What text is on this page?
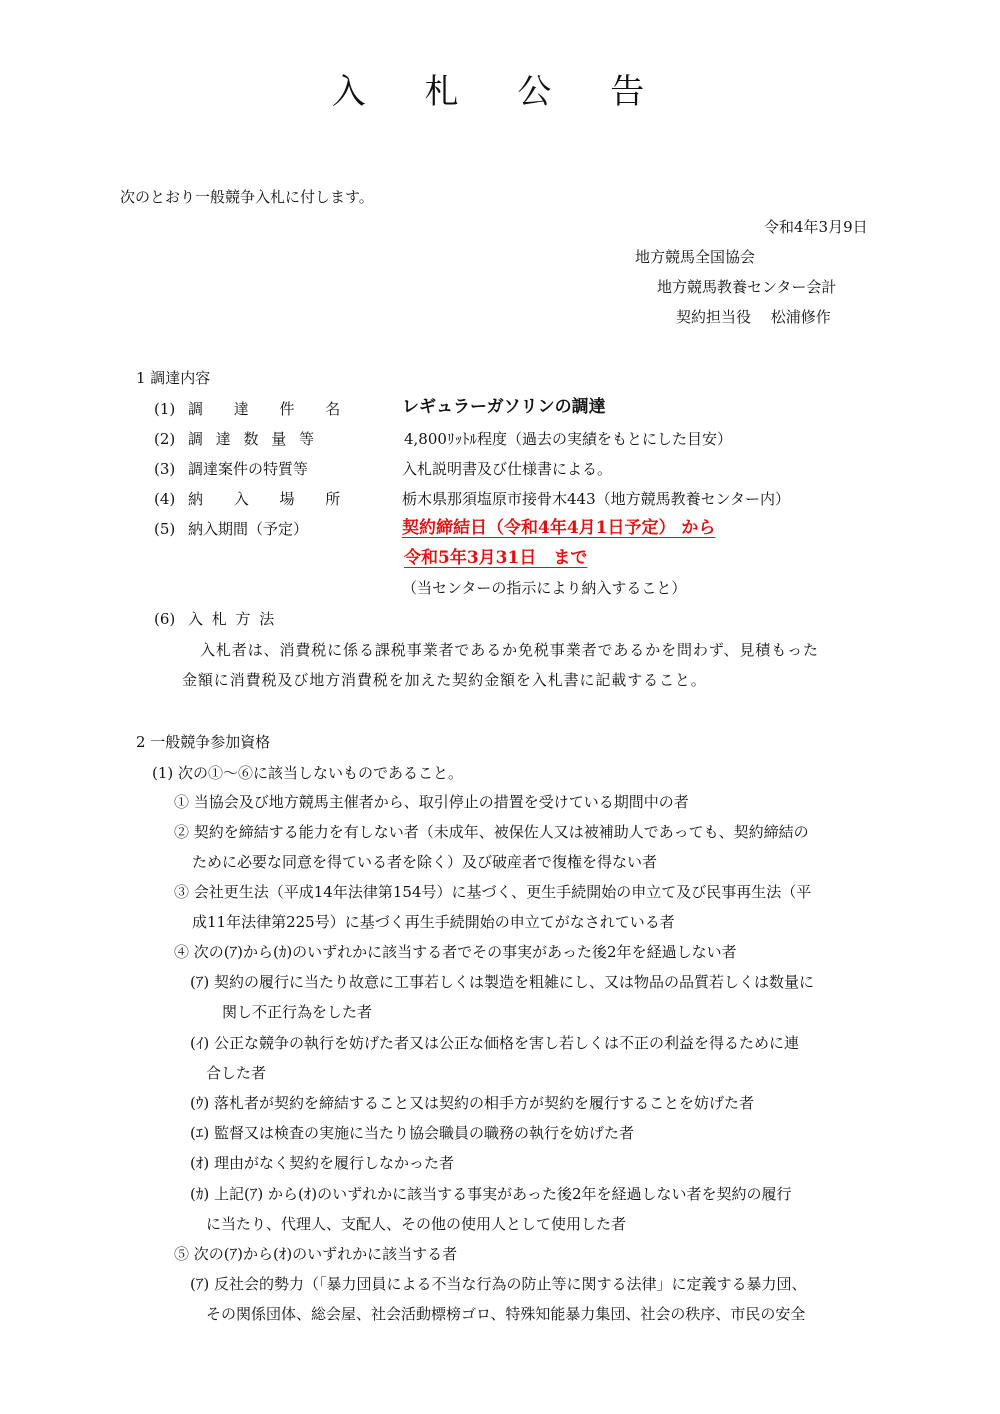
入 札 公 告
次のとおり一般競争入札に付します。
令和4年3月9日
地方競馬全国協会
地方競馬教養センター会計
契約担当役　 松浦修作
1 調達内容
(1) 調 達 件 名	レギュラーガソリンの調達
(2) 調 達 数 量 等	4,800ﾘｯﾄﾙ程度（過去の実績をもとにした目安）
(3) 調達案件の特質等	入札説明書及び仕様書による。
(4) 納 入 場 所	栃木県那須塩原市接骨木443（地方競馬教養センター内）
(5) 納入期間（予定）	契約締結日（令和4年4月1日予定） から
令和5年3月31日　まで
（当センターの指示により納入すること）
(6) 入 札 方 法
入札者は、消費税に係る課税事業者であるか免税事業者であるかを問わず、見積もった
金額に消費税及び地方消費税を加えた契約金額を入札書に記載すること。
2 一般競争参加資格
(1) 次の①～⑥に該当しないものであること。
① 当協会及び地方競馬主催者から、取引停止の措置を受けている期間中の者
② 契約を締結する能力を有しない者（未成年、被保佐人又は被補助人であっても、契約締結の
ために必要な同意を得ている者を除く）及び破産者で復権を得ない者
③ 会社更生法（平成14年法律第154号）に基づく、更生手続開始の申立て及び民事再生法（平
成11年法律第225号）に基づく再生手続開始の申立てがなされている者
④ 次の(ｱ)から(ｶ)のいずれかに該当する者でその事実があった後2年を経過しない者
(ｱ) 契約の履行に当たり故意に工事若しくは製造を粗雑にし、又は物品の品質若しくは数量に
関し不正行為をした者
(ｲ) 公正な競争の執行を妨げた者又は公正な価格を害し若しくは不正の利益を得るために連
合した者
(ｳ) 落札者が契約を締結すること又は契約の相手方が契約を履行することを妨げた者
(ｴ) 監督又は検査の実施に当たり協会職員の職務の執行を妨げた者
(ｵ) 理由がなく契約を履行しなかった者
(ｶ) 上記(ｱ) から(ｵ)のいずれかに該当する事実があった後2年を経過しない者を契約の履行
に当たり、代理人、支配人、その他の使用人として使用した者
⑤ 次の(ｱ)から(ｵ)のいずれかに該当する者
(ｱ) 反社会的勢力（「暴力団員による不当な行為の防止等に関する法律」に定義する暴力団、
その関係団体、総会屋、社会活動標榜ゴロ、特殊知能暴力集団、社会の秩序、市民の安全
